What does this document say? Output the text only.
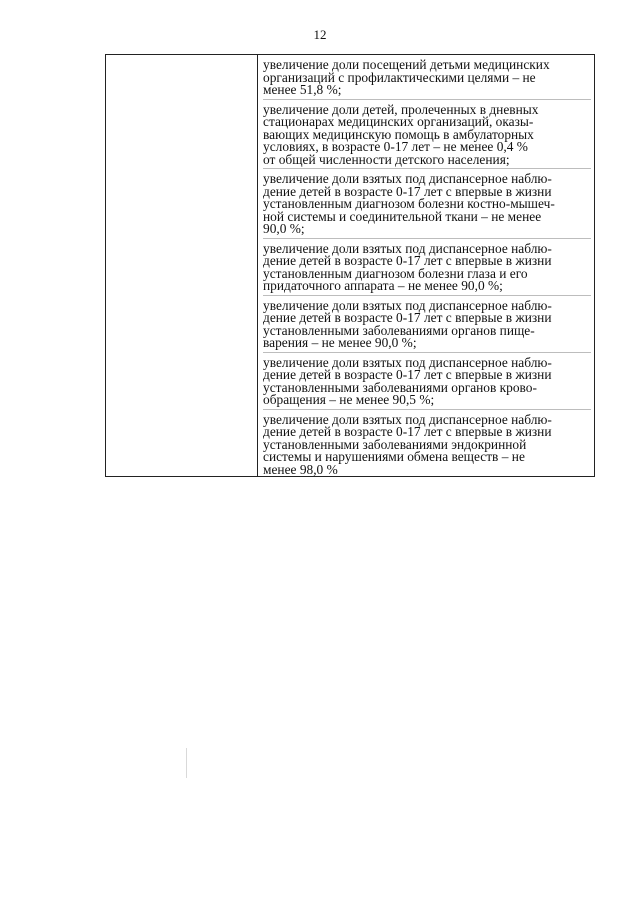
12

увеличение доли посещений детьми медицинских
организаций с профилактическими целями – не
менее 51,8 %;
увеличение доли детей, пролеченных в дневных
стационарах медицинских организаций, оказы-
вающих медицинскую помощь в амбулаторных
условиях, в возрасте 0-17 лет – не менее 0,4 %
от общей численности детского населения;
увеличение доли взятых под диспансерное наблю-
дение детей в возрасте 0-17 лет с впервые в жизни
установленным диагнозом болезни костно-мышеч-
ной системы и соединительной ткани – не менее
90,0 %;
увеличение доли взятых под диспансерное наблю-
дение детей в возрасте 0-17 лет с впервые в жизни
установленным диагнозом болезни глаза и его
придаточного аппарата – не менее 90,0 %;
увеличение доли взятых под диспансерное наблю-
дение детей в возрасте 0-17 лет с впервые в жизни
установленными заболеваниями органов пище-
варения – не менее 90,0 %;
увеличение доли взятых под диспансерное наблю-
дение детей в возрасте 0-17 лет с впервые в жизни
установленными заболеваниями органов крово-
обращения – не менее 90,5 %;
увеличение доли взятых под диспансерное наблю-
дение детей в возрасте 0-17 лет с впервые в жизни
установленными заболеваниями эндокринной
системы и нарушениями обмена веществ – не
менее 98,0 %
